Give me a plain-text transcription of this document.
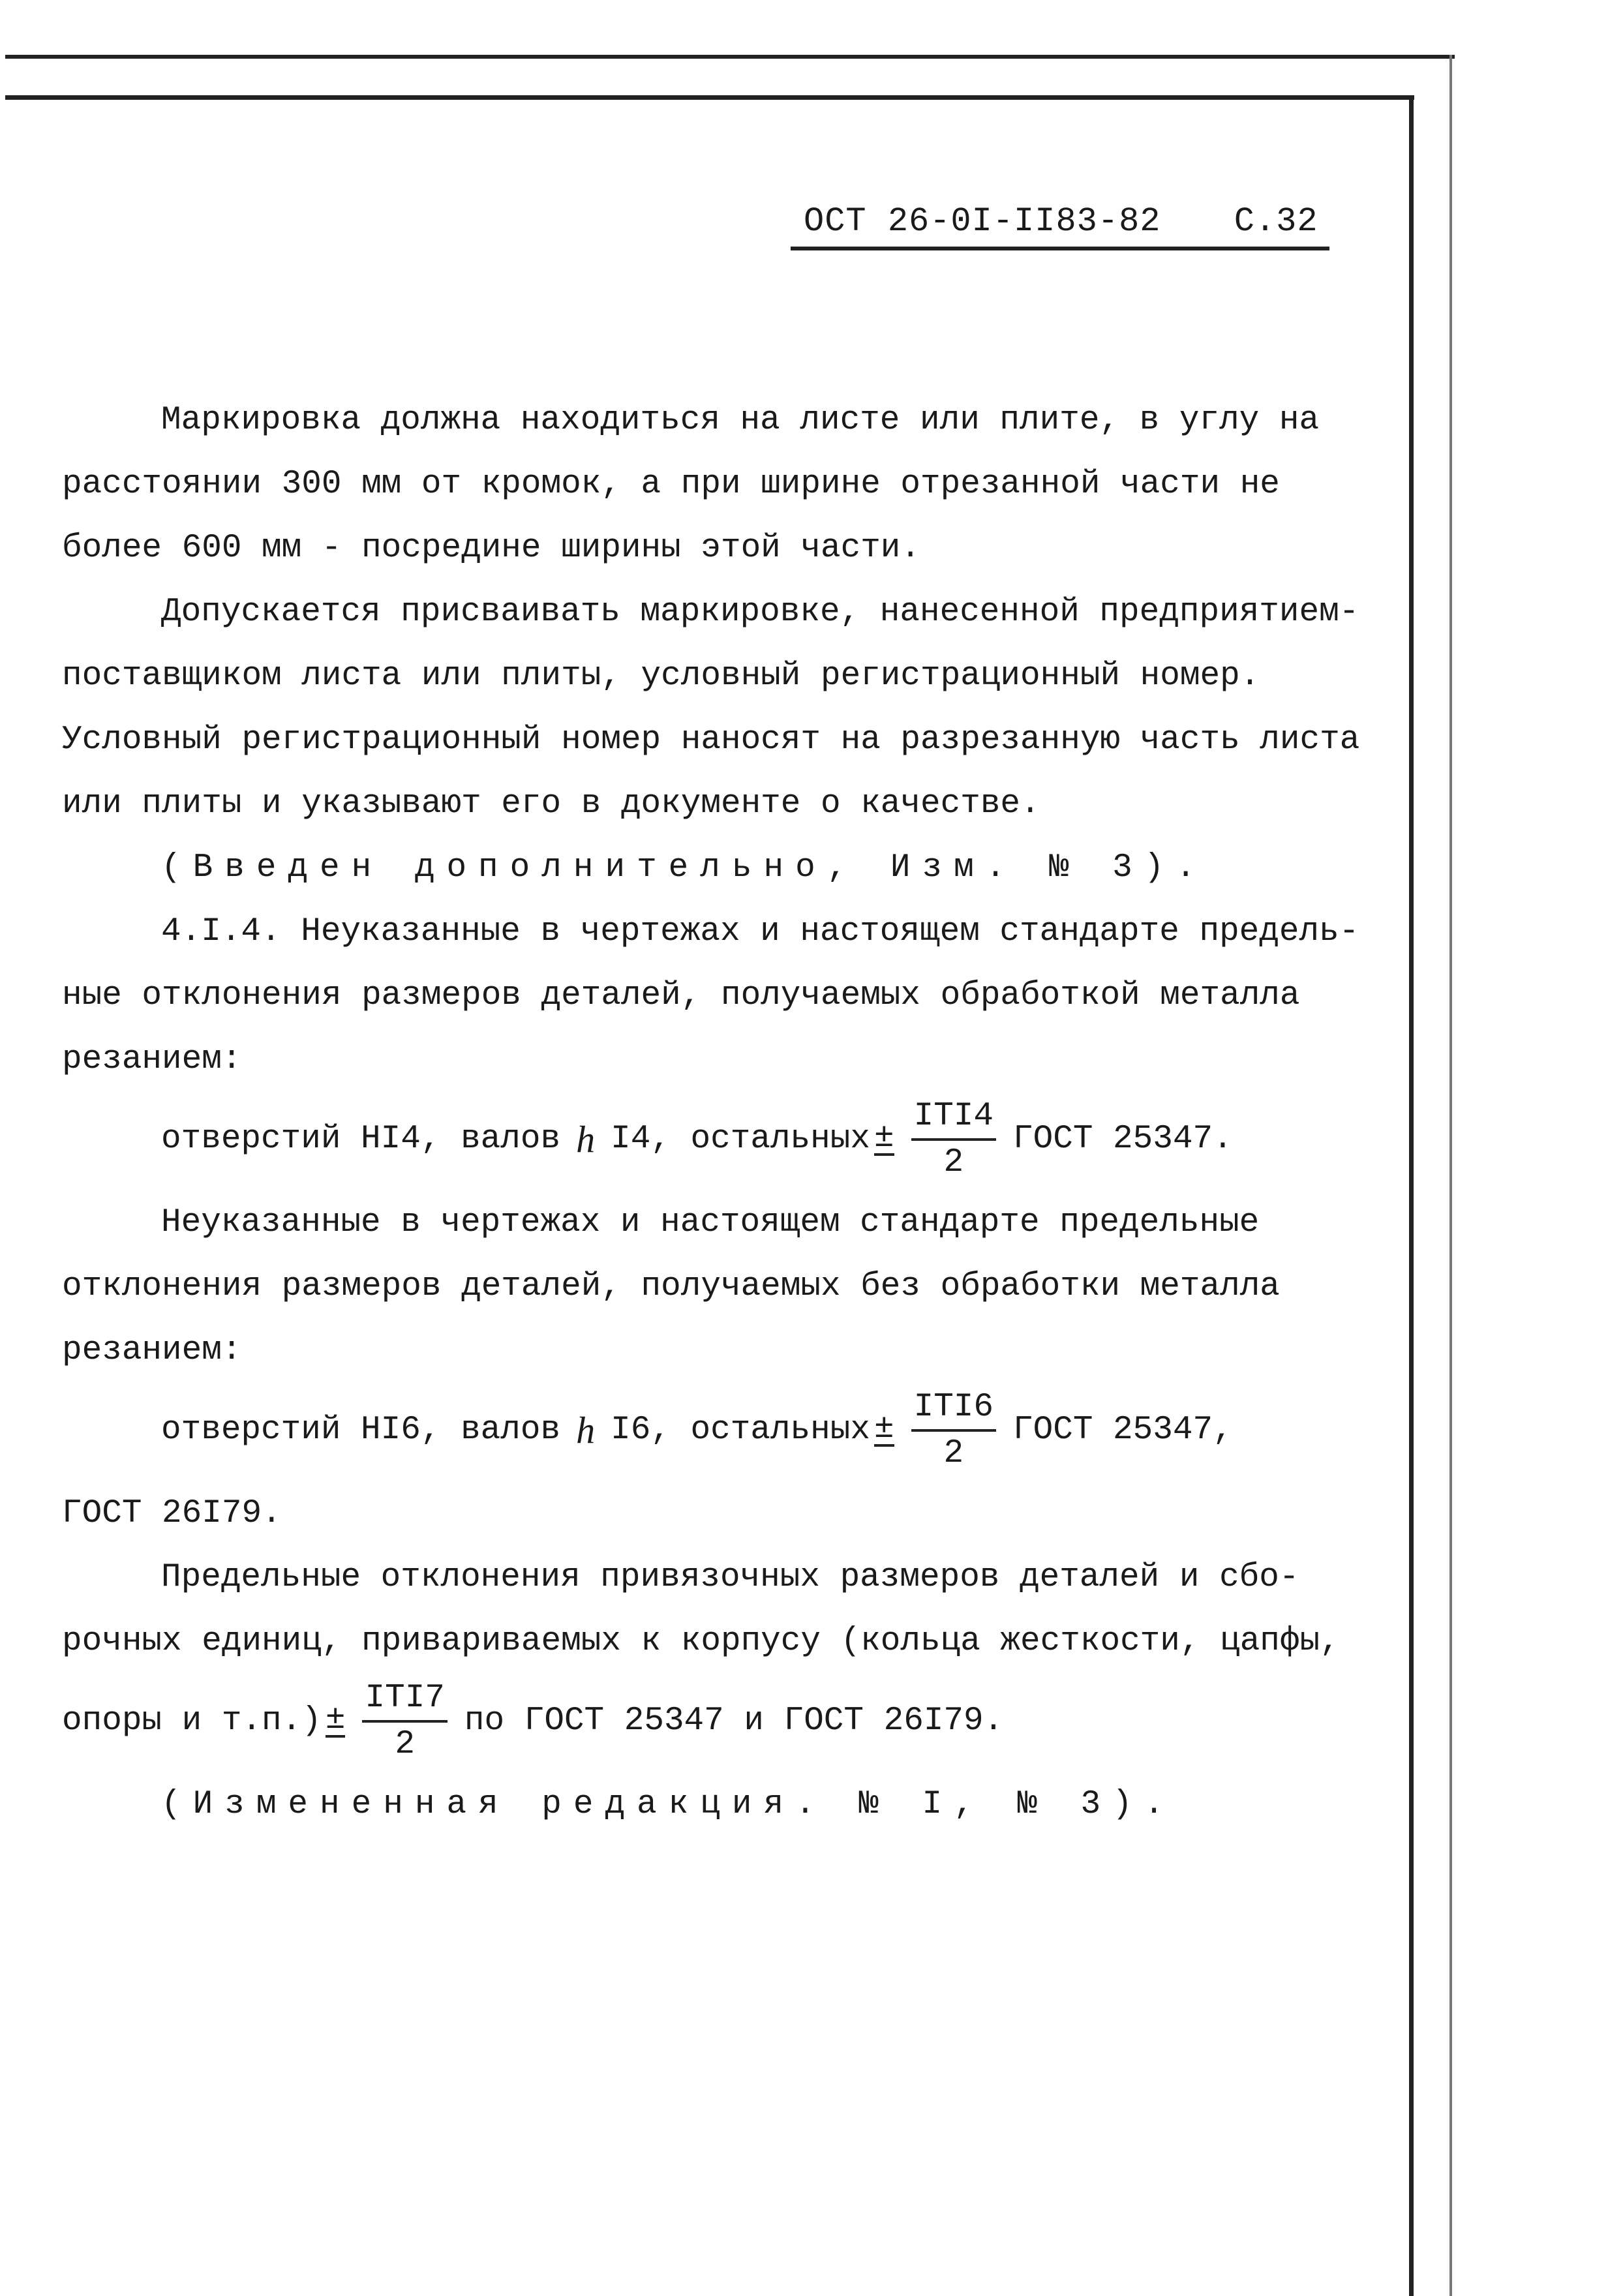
ОСТ 26-0I-II83-82 С.32

Маркировка должна находиться на листе или плите, в углу на

расстоянии 300 мм от кромок, а при ширине отрезанной части не

более 600 мм - посредине ширины этой части.

Допускается присваивать маркировке, нанесенной предприятием-

поставщиком листа или плиты, условный регистрационный номер.

Условный регистрационный номер наносят на разрезанную часть листа

или плиты и указывают его в документе о качестве.

(Введен дополнительно, Изм. № 3).

4.I.4. Неуказанные в чертежах и настоящем стандарте предель-

ные отклонения размеров деталей, получаемых обработкой металла

резанием:

отверстий HI4, валов h I4, остальных ± $\frac{\text{ITI4}}{2}$ ГОСТ 25347.

Неуказанные в чертежах и настоящем стандарте предельные

отклонения размеров деталей, получаемых без обработки металла

резанием:

отверстий HI6, валов h I6, остальных ± $\frac{\text{ITI6}}{2}$ ГОСТ 25347,

ГОСТ 26I79.

Предельные отклонения привязочных размеров деталей и сбо-

рочных единиц, привариваемых к корпусу (кольца жесткости, цапфы,

опоры и $т.п.) \pm \frac{\text{ITI7}}{2}$ по ГОСТ 25347 и ГОСТ 26I79.

(Измененная редакция. № I, № 3).
